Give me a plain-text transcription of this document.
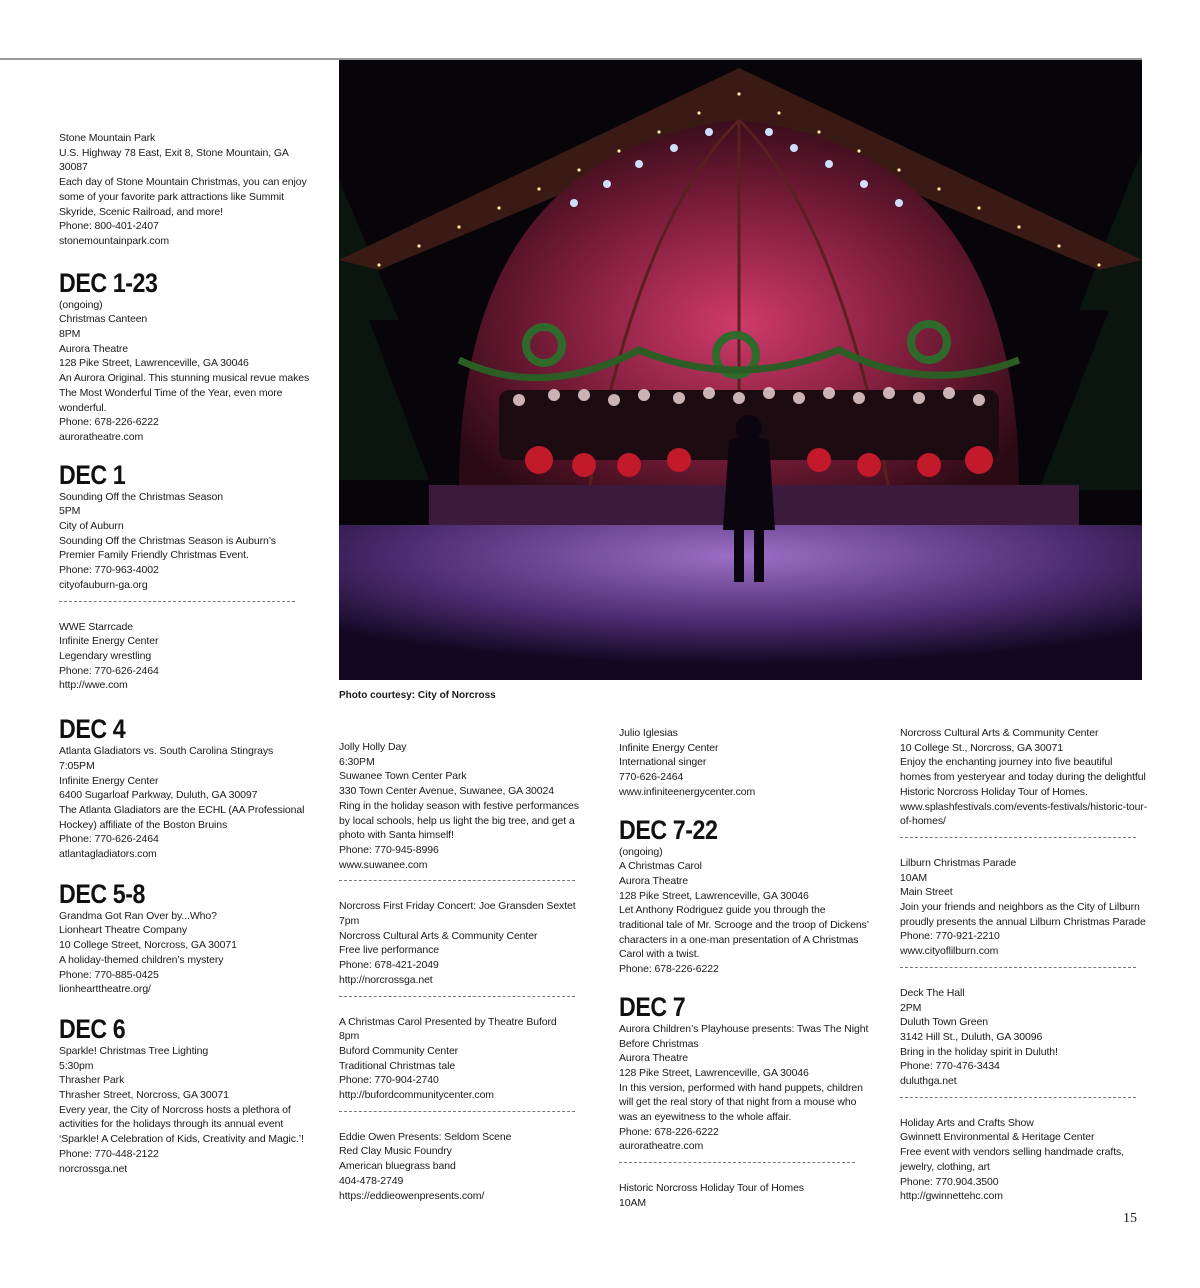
Stone Mountain Park

U.S. Highway 78 East, Exit 8, Stone Mountain, GA

30087

Each day of Stone Mountain Christmas, you can enjoy

some of your favorite park attractions like Summit

Skyride, Scenic Railroad, and more!

Phone: 800-401-2407

stonemountainpark.com

DEC 1-23

(ongoing)

Christmas Canteen

8PM

Aurora Theatre

128 Pike Street, Lawrenceville, GA 30046

An Aurora Original. This stunning musical revue makes

The Most Wonderful Time of the Year, even more

wonderful.

Phone: 678-226-6222

auroratheatre.com

DEC 1

Sounding Off the Christmas Season

5PM

City of Auburn

Sounding Off the Christmas Season is Auburn’s

Premier Family Friendly Christmas Event.

Phone: 770-963-4002

cityofauburn-ga.org

WWE Starrcade

Infinite Energy Center

Legendary wrestling

Phone: 770-626-2464

http://wwe.com

DEC 4

Atlanta Gladiators vs. South Carolina Stingrays

7:05PM

Infinite Energy Center

6400 Sugarloaf Parkway, Duluth, GA 30097

The Atlanta Gladiators are the ECHL (AA Professional

Hockey) affiliate of the Boston Bruins

Phone: 770-626-2464

atlantagladiators.com

DEC 5-8

Grandma Got Ran Over by...Who?

Lionheart Theatre Company

10 College Street, Norcross, GA 30071

A holiday-themed children’s mystery

Phone: 770-885-0425

lionhearttheatre.org/

DEC 6

Sparkle! Christmas Tree Lighting

5:30pm

Thrasher Park

Thrasher Street, Norcross, GA 30071

Every year, the City of Norcross hosts a plethora of

activities for the holidays through its annual event

‘Sparkle! A Celebration of Kids, Creativity and Magic.’!

Phone: 770-448-2122

norcrossga.net

Photo courtesy: City of Norcross

Jolly Holly Day

6:30PM

Suwanee Town Center Park

330 Town Center Avenue, Suwanee, GA 30024

Ring in the holiday season with festive performances

by local schools, help us light the big tree, and get a

photo with Santa himself!

Phone: 770-945-8996

www.suwanee.com

Norcross First Friday Concert: Joe Gransden Sextet

7pm

Norcross Cultural Arts & Community Center

Free live performance

Phone: 678-421-2049

http://norcrossga.net

A Christmas Carol Presented by Theatre Buford

8pm

Buford Community Center

Traditional Christmas tale

Phone: 770-904-2740

http://bufordcommunitycenter.com

Eddie Owen Presents: Seldom Scene

Red Clay Music Foundry

American bluegrass band

404-478-2749

https://eddieowenpresents.com/

Julio Iglesias

Infinite Energy Center

International singer

770-626-2464

www.infiniteenergycenter.com

DEC 7-22

(ongoing)

A Christmas Carol

Aurora Theatre

128 Pike Street, Lawrenceville, GA 30046

Let Anthony Rodriguez guide you through the

traditional tale of Mr. Scrooge and the troop of Dickens’

characters in a one-man presentation of A Christmas

Carol with a twist.

Phone: 678-226-6222

DEC 7

Aurora Children’s Playhouse presents: Twas The Night

Before Christmas

Aurora Theatre

128 Pike Street, Lawrenceville, GA 30046

In this version, performed with hand puppets, children

will get the real story of that night from a mouse who

was an eyewitness to the whole affair.

Phone: 678-226-6222

auroratheatre.com

Historic Norcross Holiday Tour of Homes

10AM

Norcross Cultural Arts & Community Center

10 College St., Norcross, GA 30071

Enjoy the enchanting journey into five beautiful

homes from yesteryear and today during the delightful

Historic Norcross Holiday Tour of Homes.

www.splashfestivals.com/events-festivals/historic-tour-

of-homes/

Lilburn Christmas Parade

10AM

Main Street

Join your friends and neighbors as the City of Lilburn

proudly presents the annual Lilburn Christmas Parade

Phone: 770-921-2210

www.cityoflilburn.com

Deck The Hall

2PM

Duluth Town Green

3142 Hill St., Duluth, GA 30096

Bring in the holiday spirit in Duluth!

Phone: 770-476-3434

duluthga.net

Holiday Arts and Crafts Show

Gwinnett Environmental & Heritage Center

Free event with vendors selling handmade crafts,

jewelry, clothing, art

Phone: 770.904.3500

http://gwinnettehc.com

15
